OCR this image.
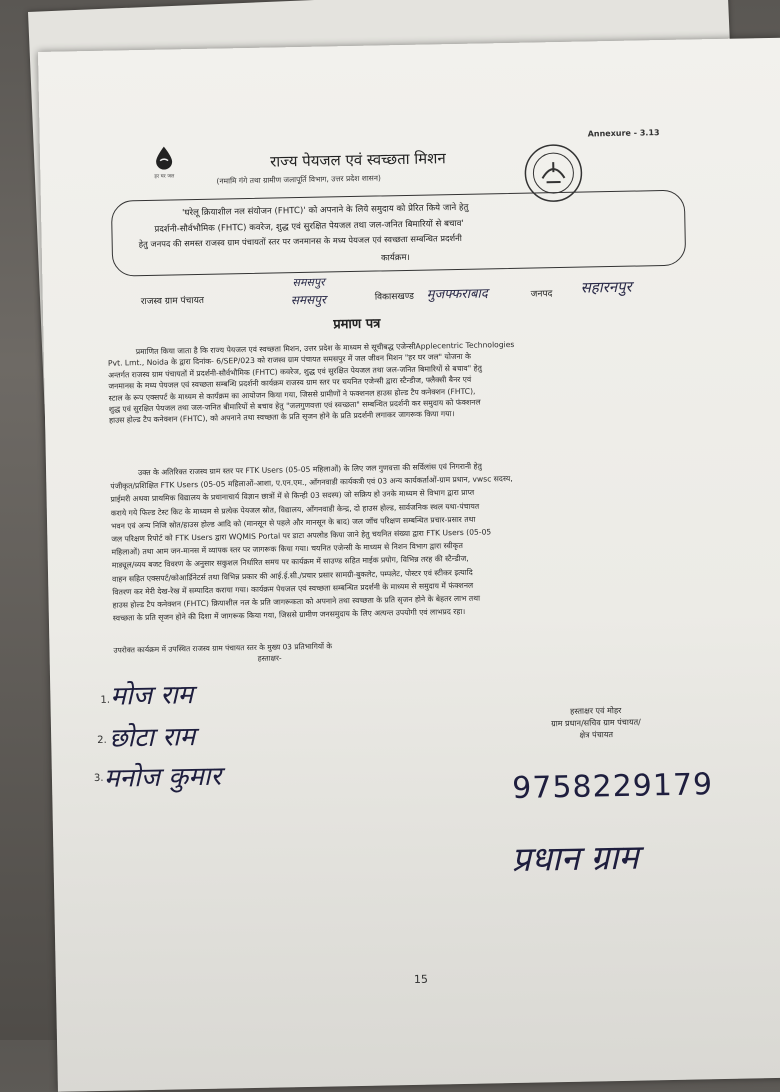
Annexure - 3.13
हर घर जल
राज्य पेयजल एवं स्वच्छता मिशन
(नमामि गंगे तथा ग्रामीण जलापूर्ति विभाग, उत्तर प्रदेश शासन)

'घरेलू क्रियाशील नल संयोजन (FHTC)' को अपनाने के लिये समुदाय को प्रेरित किये जाने हेतु

प्रदर्शनी-सौर्वभौमिक (FHTC) कवरेज, शुद्ध एवं सुरक्षित पेयजल तथा जल-जनित बिमारियों से बचाव'

हेतु जनपद की समस्त राजस्व ग्राम पंचायतों स्तर पर जनमानस के मध्य पेयजल एवं स्वच्छता सम्बन्धित प्रदर्शनी

कार्यक्रम।

राजस्व ग्राम पंचायत
समसपुर
समसपुर	विकासखण्ड मुजफ्फराबाद	जनपद सहारनपुर
प्रमाण पत्र

प्रमाणित किया जाता है कि राज्य पेयजल एवं स्वच्छता मिशन, उत्तर प्रदेश के माध्यम से सूचीबद्ध एजेन्सीApplecentric Technologies

Pvt. Lmt., Noida के द्वारा दिनांक- 6/SEP/023 को राजस्व ग्राम पंचायत समसपुर में जल जीवन मिशन "हर घर जल" योजना के

अन्तर्गत राजस्व ग्राम पंचायतों में प्रदर्शनी-सौर्वभौमिक (FHTC) कवरेज, शुद्ध एवं सुरक्षित पेयजल तथा जल-जनित बिमारियों से बचाव" हेतु

जनमानस के मध्य पेयजल एवं स्वच्छता सम्बन्धि प्रदर्शनी कार्यक्रम राजस्व ग्राम स्तर पर चयनित एजेन्सी द्वारा स्टैन्डीज, फ्लैक्सी बैनर एवं

स्टाल के रूप एक्सपर्ट के माध्यम से कार्यक्रम का आयोजन किया गया, जिससे ग्रामीणों ने फक्शनल हाउस होल्ड टैप कनेक्शन (FHTC),

शुद्ध एवं सुरक्षित पेयजल तथा जल-जनित बीमारियों से बचाव हेतु "जलगुणवत्ता एवं स्वच्छता" सम्बन्धित प्रदर्शनी कर समुदाय को फंक्शनल

हाउस होल्ड टैप कनेक्शन (FHTC), को अपनाने तथा स्वच्छता के प्रति सृजन होने के प्रति प्रदर्शनी लगाकर जागरूक किया गया।

उक्त के अतिरिक्त राजस्व ग्राम स्तर पर FTK Users (05-05 महिलाओं) के लिए जल गुणवत्ता की सर्विलांस एवं निगरानी हेतु

पंजीकृत/प्रशिक्षित FTK Users (05-05 महिलाओं-आशा, ए.एन.एम., आँगनवाडी कार्यकत्री एवं 03 अन्य कार्यकर्ताओं-ग्राम प्रधान, vwsc सदस्य,

प्राईमरी अथवा प्राथमिक विद्यालय के प्रधानाचार्य विज्ञान छात्रों में से किन्ही 03 सदस्य) जो सक्रिय हो उनके माध्यम से विभाग द्वारा प्राप्त

कराये गये फिल्ड टेस्ट किट के माध्यम से प्रत्येक पेयजल स्रोत, विद्यालय, आँगनवाडी केन्द्र, दो हाउस होल्ड, सार्वजनिक स्थल यथा-पंचायत

भवन एवं अन्य निजि स्रोत/हाउस होल्ड आदि को (मानसून से पहले और मानसून के बाद) जल जाँच परिक्षण सम्बन्धित प्रचार-प्रसार तथा

जल परिक्षण रिपोर्ट को FTK Users द्वारा WQMIS Portal पर डाटा अपलोड किया जाने हेतु चयनित संख्या द्वारा FTK Users (05-05

महिलाओं) तथा आम जन-मानस में व्यापक स्तर पर जागरूक किया गया। चयनित एजेन्सी के माध्यम से निशन विभाग द्वारा स्वीकृत

माड्यूल/व्यय बजट विवरण के अनुसार सकुशल निर्धारित समय पर कार्यक्रम में साउण्ड सहित माईक प्रयोग, विभिन्न तरह की स्टैन्डीज,

वाहन सहित एक्सपर्ट/कोआर्डिनेटर्स तथा विभिन्न प्रकार की आई.ई.सी./प्रचार प्रसार सामग्री-बुकलेट, पम्पलेट, पोस्टर एवं स्टीकर इत्यादि

वितरण कर मेरी देख-रेख में सम्पादित कराया गया। कार्यक्रम पेयजल एवं स्वच्छता सम्बन्धित प्रदर्शनी के माध्यम से समुदाय में फंक्शनल

हाउस होल्ड टैप कनेक्शन (FHTC) क्रियाशील नल के प्रति जागरूकता को अपनाने तथा स्वच्छता के प्रति सृजन होने के बेहतर लाभ तथा

स्वच्छता के प्रति सृजन होने की दिशा में जागरूक किया गया, जिससे ग्रामीण जनसमुदाय के लिए अत्यन्त उपयोगी एवं लाभप्रद रहा।

उपरोक्त कार्यक्रम में उपस्थित राजस्व ग्राम पंचायत स्तर के मुख्य 03 प्रतिभागियों के
हस्ताक्षर-
1. मोज राम
2. छोटा राम
3. मनोज कुमार
हस्ताक्षर एवं मोहर
ग्राम प्रधान/सचिव ग्राम पंचायत/
क्षेत्र पंचायत
9758229179
प्रधान ग्राम
15
